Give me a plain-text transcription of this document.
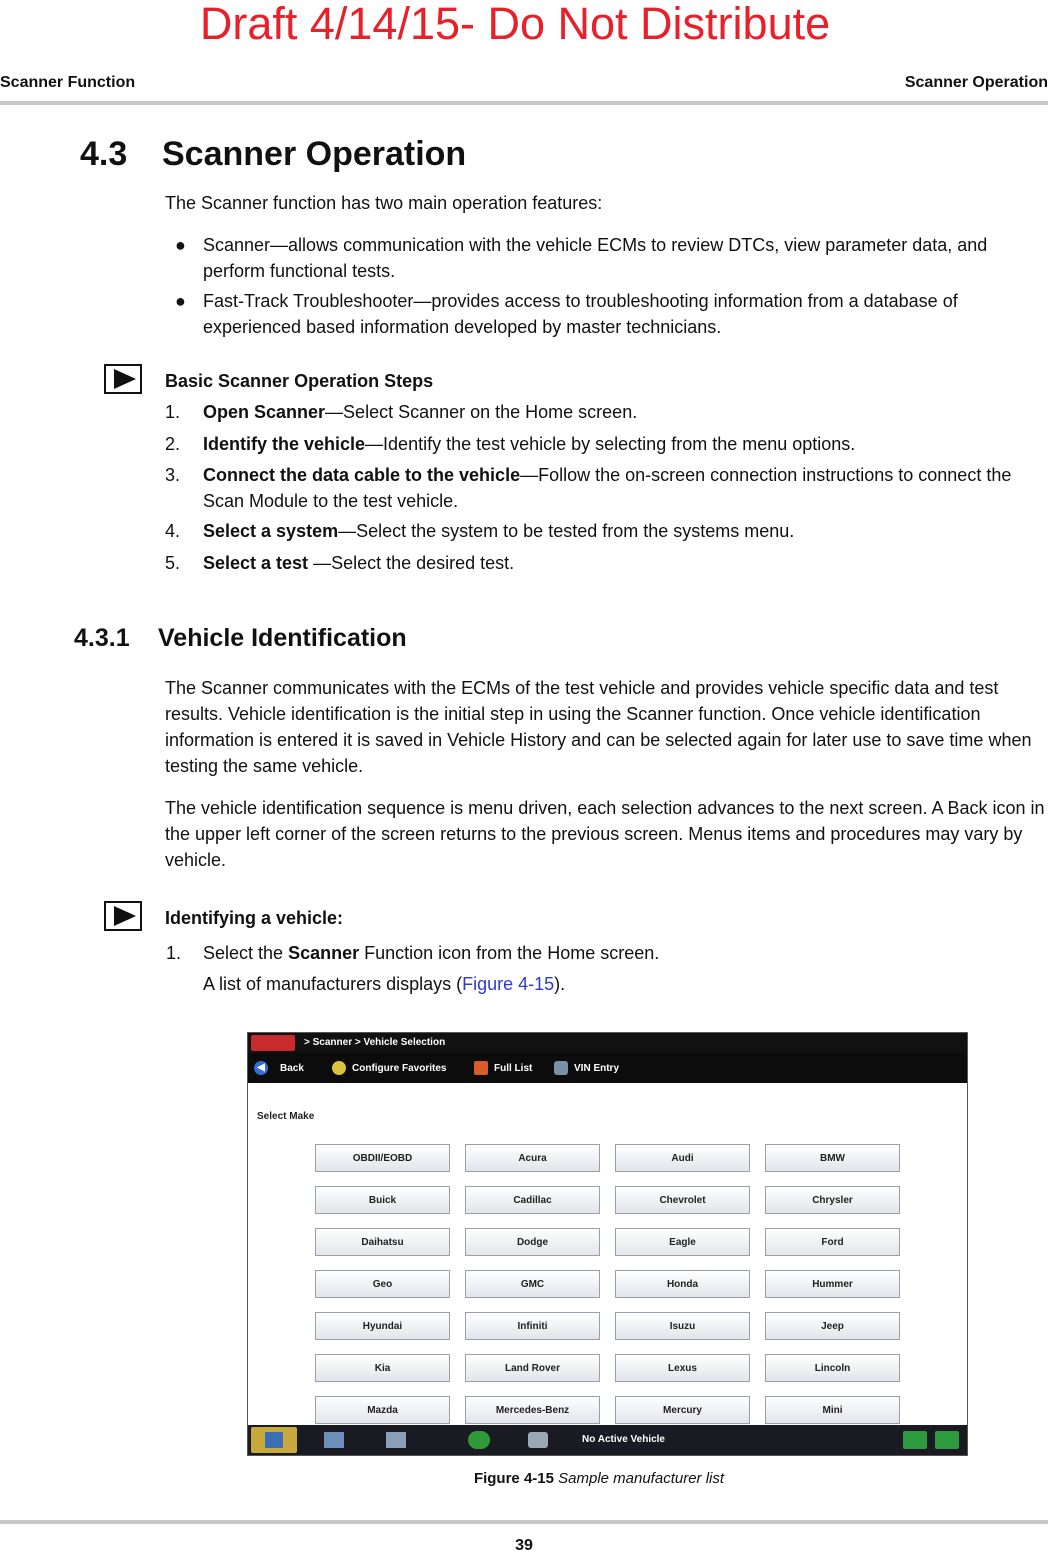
Draft 4/14/15- Do Not Distribute
Scanner Function	Scanner Operation
4.3 Scanner Operation
The Scanner function has two main operation features:
● Scanner—allows communication with the vehicle ECMs to review DTCs, view parameter data, and perform functional tests.
● Fast-Track Troubleshooter—provides access to troubleshooting information from a database of experienced based information developed by master technicians.
Basic Scanner Operation Steps
1. Open Scanner—Select Scanner on the Home screen.
2. Identify the vehicle—Identify the test vehicle by selecting from the menu options.
3. Connect the data cable to the vehicle—Follow the on-screen connection instructions to connect the Scan Module to the test vehicle.
4. Select a system—Select the system to be tested from the systems menu.
5. Select a test —Select the desired test.
4.3.1 Vehicle Identification
The Scanner communicates with the ECMs of the test vehicle and provides vehicle specific data and test results. Vehicle identification is the initial step in using the Scanner function. Once vehicle identification information is entered it is saved in Vehicle History and can be selected again for later use to save time when testing the same vehicle.
The vehicle identification sequence is menu driven, each selection advances to the next screen. A Back icon in the upper left corner of the screen returns to the previous screen. Menus items and procedures may vary by vehicle.
Identifying a vehicle:
1. Select the Scanner Function icon from the Home screen.
A list of manufacturers displays (Figure 4-15).
> Scanner > Vehicle Selection
◀	Back	Configure Favorites	Full List	VIN Entry
Select Make
OBDII/EOBD	Acura	Audi	BMW
Buick	Cadillac	Chevrolet	Chrysler
Daihatsu	Dodge	Eagle	Ford
Geo	GMC	Honda	Hummer
Hyundai	Infiniti	Isuzu	Jeep
Kia	Land Rover	Lexus	Lincoln
Mazda	Mercedes-Benz	Mercury	Mini
No Active Vehicle
Figure 4-15 Sample manufacturer list
39
